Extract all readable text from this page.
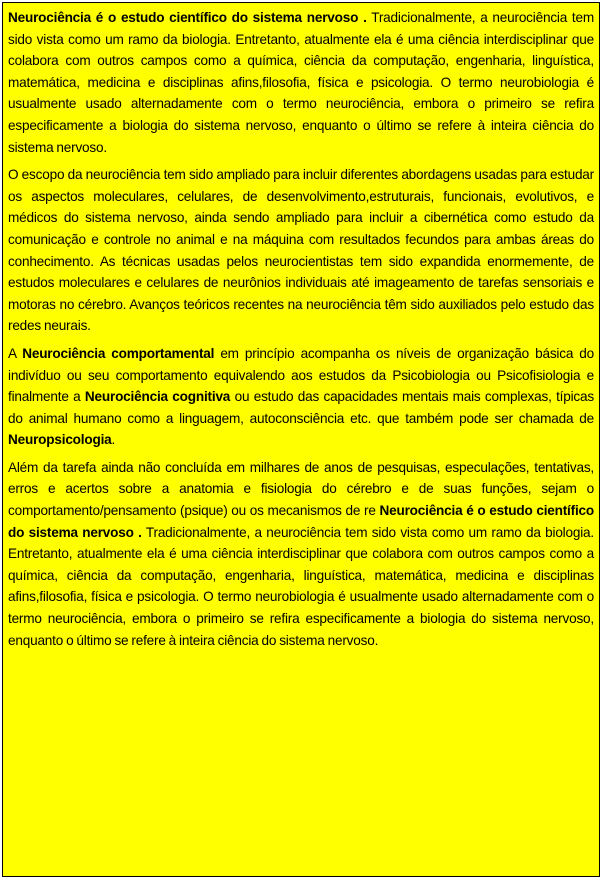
Neurociência é o estudo científico do sistema nervoso . Tradicionalmente, a neurociência tem sido vista como um ramo da biologia. Entretanto, atualmente ela é uma ciência interdisciplinar que colabora com outros campos como a química, ciência da computação, engenharia, linguística, matemática, medicina e disciplinas afins,filosofia, física e psicologia. O termo neurobiologia é usualmente usado alternadamente com o termo neurociência, embora o primeiro se refira especificamente a biologia do sistema nervoso, enquanto o último se refere à inteira ciência do sistema nervoso.

O escopo da neurociência tem sido ampliado para incluir diferentes abordagens usadas para estudar os aspectos moleculares, celulares, de desenvolvimento,estruturais, funcionais, evolutivos, e médicos do sistema nervoso, ainda sendo ampliado para incluir a cibernética como estudo da comunicação e controle no animal e na máquina com resultados fecundos para ambas áreas do conhecimento. As técnicas usadas pelos neurocientistas tem sido expandida enormemente, de estudos moleculares e celulares de neurônios individuais até imageamento de tarefas sensoriais e motoras no cérebro. Avanços teóricos recentes na neurociência têm sido auxiliados pelo estudo das redes neurais.

A Neurociência comportamental em princípio acompanha os níveis de organização básica do indivíduo ou seu comportamento equivalendo aos estudos da Psicobiologia ou Psicofisiologia e finalmente a Neurociência cognitiva ou estudo das capacidades mentais mais complexas, típicas do animal humano como a linguagem, autoconsciência etc. que também pode ser chamada de Neuropsicologia.

Além da tarefa ainda não concluída em milhares de anos de pesquisas, especulações, tentativas, erros e acertos sobre a anatomia e fisiologia do cérebro e de suas funções, sejam o comportamento/pensamento (psique) ou os mecanismos de re Neurociência é o estudo científico do sistema nervoso . Tradicionalmente, a neurociência tem sido vista como um ramo da biologia. Entretanto, atualmente ela é uma ciência interdisciplinar que colabora com outros campos como a química, ciência da computação, engenharia, linguística, matemática, medicina e disciplinas afins,filosofia, física e psicologia. O termo neurobiologia é usualmente usado alternadamente com o termo neurociência, embora o primeiro se refira especificamente a biologia do sistema nervoso, enquanto o último se refere à inteira ciência do sistema nervoso.
